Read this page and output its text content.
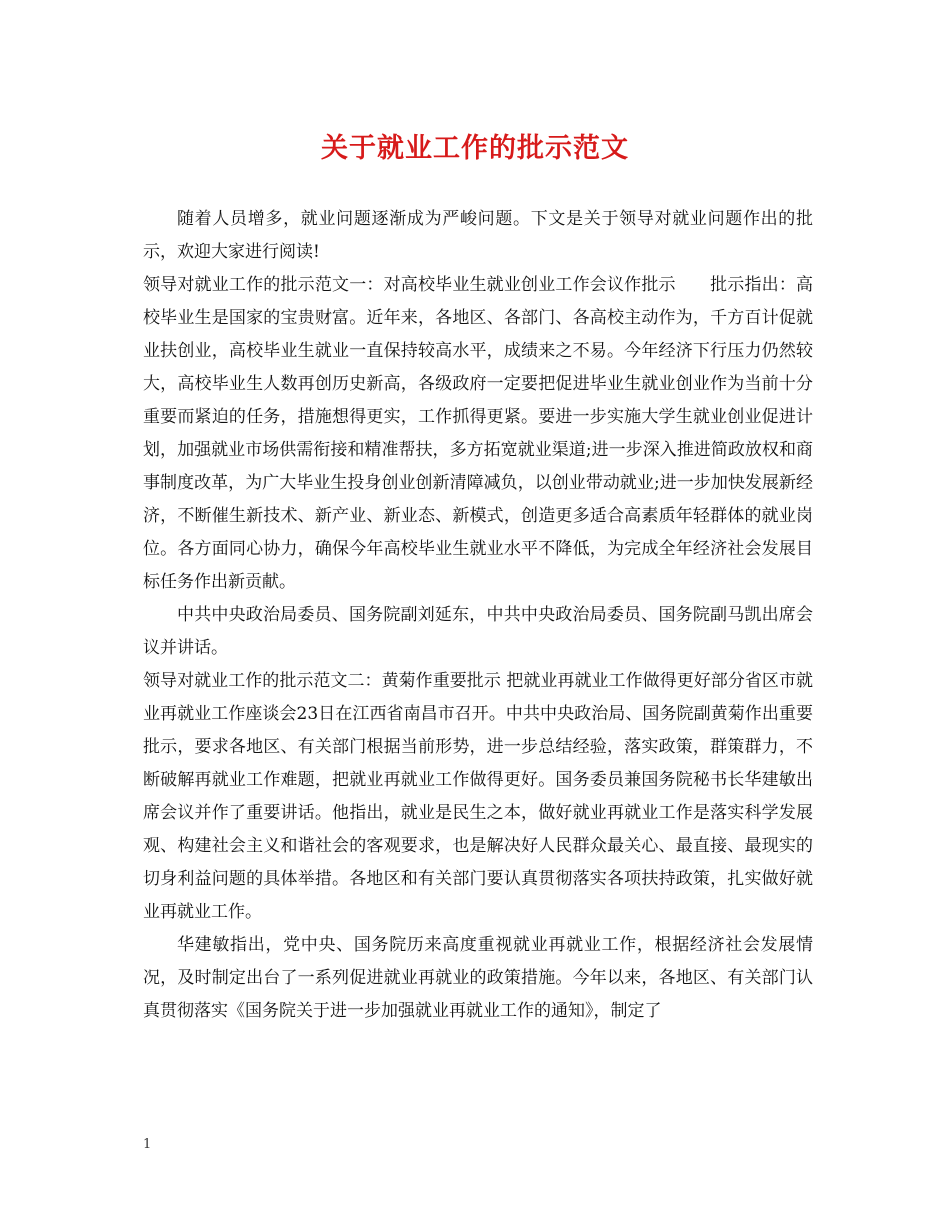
关于就业工作的批示范文

随着人员增多，就业问题逐渐成为严峻问题。下文是关于领导对就业问题作出的批示，欢迎大家进行阅读!

领导对就业工作的批示范文一：对高校毕业生就业创业工作会议作批示　　批示指出：高校毕业生是国家的宝贵财富。近年来，各地区、各部门、各高校主动作为，千方百计促就业扶创业，高校毕业生就业一直保持较高水平，成绩来之不易。今年经济下行压力仍然较大，高校毕业生人数再创历史新高，各级政府一定要把促进毕业生就业创业作为当前十分重要而紧迫的任务，措施想得更实，工作抓得更紧。要进一步实施大学生就业创业促进计划，加强就业市场供需衔接和精准帮扶，多方拓宽就业渠道;进一步深入推进简政放权和商事制度改革，为广大毕业生投身创业创新清障减负，以创业带动就业;进一步加快发展新经济，不断催生新技术、新产业、新业态、新模式，创造更多适合高素质年轻群体的就业岗位。各方面同心协力，确保今年高校毕业生就业水平不降低，为完成全年经济社会发展目标任务作出新贡献。

中共中央政治局委员、国务院副刘延东，中共中央政治局委员、国务院副马凯出席会议并讲话。

领导对就业工作的批示范文二：黄菊作重要批示 把就业再就业工作做得更好部分省区市就业再就业工作座谈会23日在江西省南昌市召开。中共中央政治局、国务院副黄菊作出重要批示，要求各地区、有关部门根据当前形势，进一步总结经验，落实政策，群策群力，不断破解再就业工作难题，把就业再就业工作做得更好。国务委员兼国务院秘书长华建敏出席会议并作了重要讲话。他指出，就业是民生之本，做好就业再就业工作是落实科学发展观、构建社会主义和谐社会的客观要求，也是解决好人民群众最关心、最直接、最现实的切身利益问题的具体举措。各地区和有关部门要认真贯彻落实各项扶持政策，扎实做好就业再就业工作。

华建敏指出，党中央、国务院历来高度重视就业再就业工作，根据经济社会发展情况，及时制定出台了一系列促进就业再就业的政策措施。今年以来，各地区、有关部门认真贯彻落实《国务院关于进一步加强就业再就业工作的通知》，制定了

1
